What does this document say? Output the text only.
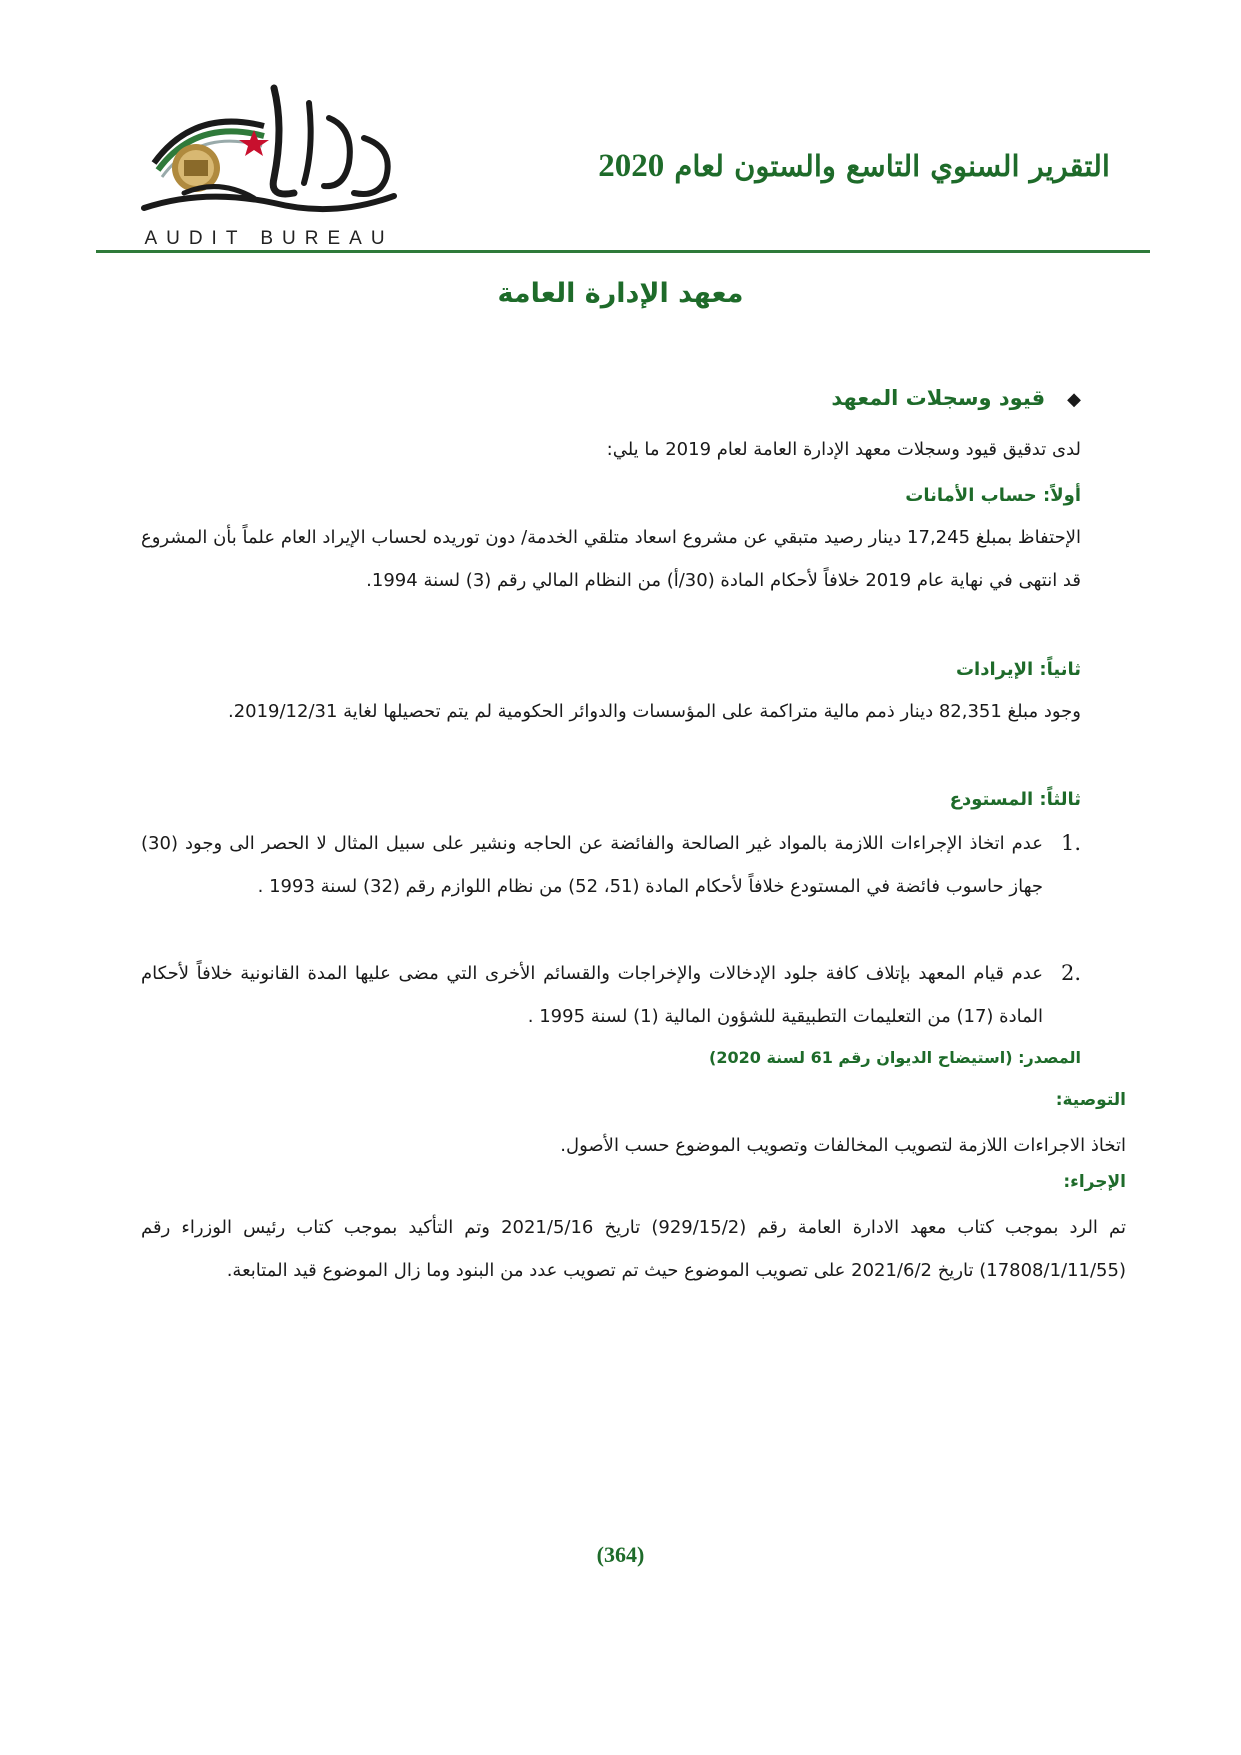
AUDIT BUREAU
التقرير السنوي التاسع والستون لعام 2020
معهد الإدارة العامة
◆قيود وسجلات المعهد
لدى تدقيق قيود وسجلات معهد الإدارة العامة لعام 2019 ما يلي:
أولاً: حساب الأمانات
الإحتفاظ بمبلغ 17,245 دينار رصيد متبقي عن مشروع اسعاد متلقي الخدمة/ دون توريده لحساب الإيراد العام علماً بأن المشروع قد انتهى في نهاية عام 2019 خلافاً لأحكام المادة (30/أ) من النظام المالي رقم (3) لسنة 1994.
ثانياً: الإيرادات
وجود مبلغ 82,351 دينار ذمم مالية متراكمة على المؤسسات والدوائر الحكومية لم يتم تحصيلها لغاية 2019/12/31.
ثالثاً: المستودع
1.
عدم اتخاذ الإجراءات اللازمة بالمواد غير الصالحة والفائضة عن الحاجه ونشير على سبيل المثال لا الحصر الى وجود (30) جهاز حاسوب فائضة في المستودع خلافاً لأحكام المادة (51، 52) من نظام اللوازم رقم (32) لسنة 1993 .
2.
عدم قيام المعهد بإتلاف كافة جلود الإدخالات والإخراجات والقسائم الأخرى التي مضى عليها المدة القانونية خلافاً لأحكام المادة (17) من التعليمات التطبيقية للشؤون المالية (1) لسنة 1995 .
المصدر: (استيضاح الديوان رقم 61 لسنة 2020)
التوصية:
اتخاذ الاجراءات اللازمة لتصويب المخالفات وتصويب الموضوع حسب الأصول.
الإجراء:
تم الرد بموجب كتاب معهد الادارة العامة رقم (929/15/2) تاريخ 2021/5/16 وتم التأكيد بموجب كتاب رئيس الوزراء رقم (17808/1/11/55) تاريخ 2021/6/2 على تصويب الموضوع حيث تم تصويب عدد من البنود وما زال الموضوع قيد المتابعة.
(364)
